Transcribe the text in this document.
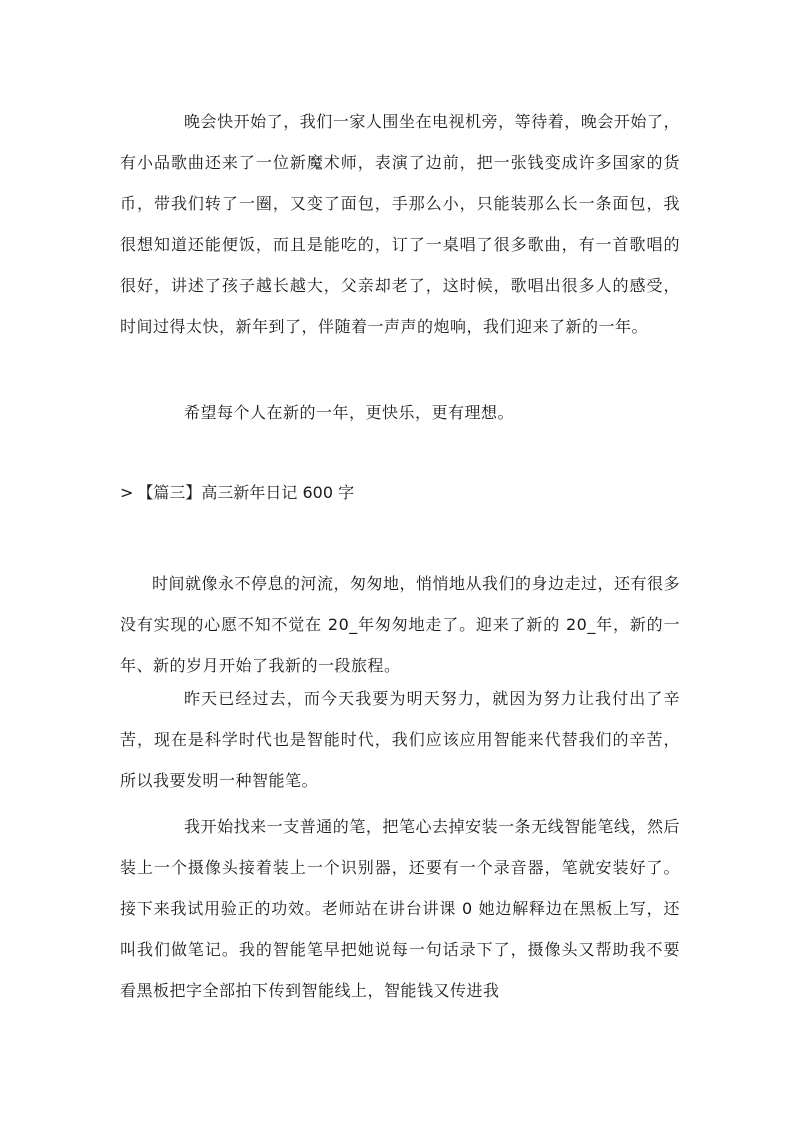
晚会快开始了，我们一家人围坐在电视机旁，等待着，晚会开始了，有小品歌曲还来了一位新魔术师，表演了边前，把一张钱变成许多国家的货币，带我们转了一圈，又变了面包，手那么小，只能装那么长一条面包，我很想知道还能便饭，而且是能吃的，订了一桌唱了很多歌曲，有一首歌唱的很好，讲述了孩子越长越大，父亲却老了，这时候，歌唱出很多人的感受，时间过得太快，新年到了，伴随着一声声的炮响，我们迎来了新的一年。

希望每个人在新的一年，更快乐，更有理想。

> 【篇三】高三新年日记 600 字

时间就像永不停息的河流，匆匆地，悄悄地从我们的身边走过，还有很多没有实现的心愿不知不觉在 20_年匆匆地走了。迎来了新的 20_年，新的一年、新的岁月开始了我新的一段旅程。

昨天已经过去，而今天我要为明天努力，就因为努力让我付出了辛苦，现在是科学时代也是智能时代，我们应该应用智能来代替我们的辛苦，所以我要发明一种智能笔。

我开始找来一支普通的笔，把笔心去掉安装一条无线智能笔线，然后装上一个摄像头接着装上一个识别器，还要有一个录音器，笔就安装好了。接下来我试用验正的功效。老师站在讲台讲课 0 她边解释边在黑板上写，还叫我们做笔记。我的智能笔早把她说每一句话录下了，摄像头又帮助我不要看黑板把字全部拍下传到智能线上，智能钱又传进我
